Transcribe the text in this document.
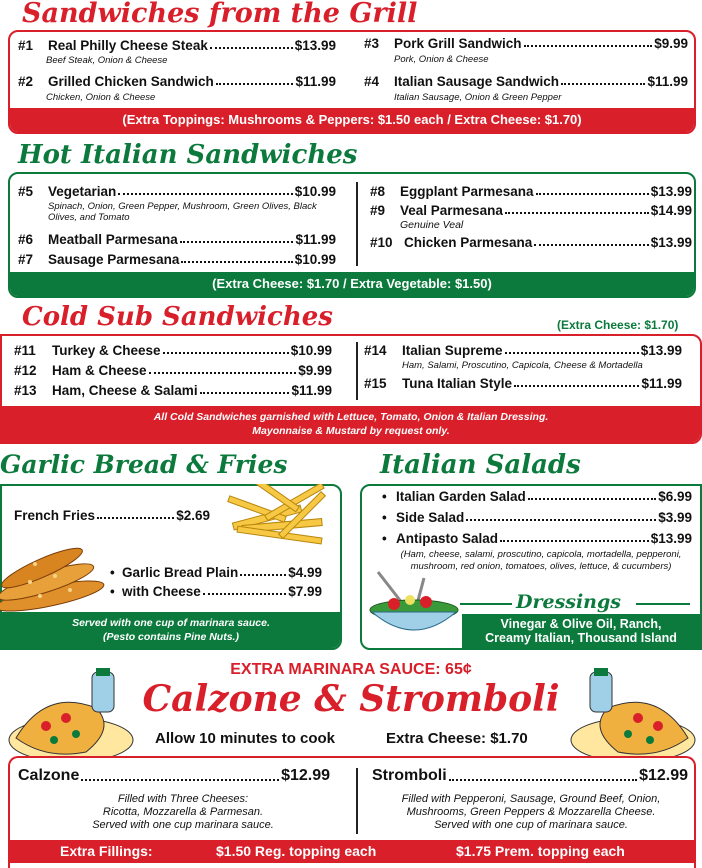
Sandwiches from the Grill
(Extra Toppings: Mushrooms & Peppers: $1.50 each / Extra Cheese: $1.70)
#1	Real Philly Cheese Steak	$13.99
Beef Steak, Onion & Cheese
#2	Grilled Chicken Sandwich	$11.99
Chicken, Onion & Cheese
#3	Pork Grill Sandwich	$9.99
Pork, Onion & Cheese
#4	Italian Sausage Sandwich	$11.99
Italian Sausage, Onion & Green Pepper
Hot Italian Sandwiches
(Extra Cheese: $1.70 / Extra Vegetable: $1.50)
#5	Vegetarian	$10.99
Spinach, Onion, Green Pepper, Mushroom, Green Olives, Black Olives, and Tomato
#6	Meatball Parmesana	$11.99
#7	Sausage Parmesana	$10.99
#8	Eggplant Parmesana	$13.99
#9	Veal Parmesana	$14.99
Genuine Veal
#10 Chicken Parmesana	$13.99
Cold Sub Sandwiches	(Extra Cheese: $1.70)
All Cold Sandwiches garnished with Lettuce, Tomato, Onion & Italian Dressing.
Mayonnaise & Mustard by request only.
#11	Turkey & Cheese	$10.99
#12	Ham & Cheese	$9.99
#13	Ham, Cheese & Salami	$11.99
#14	Italian Supreme	$13.99
Ham, Salami, Proscutino, Capicola, Cheese & Mortadella
#15	Tuna Italian Style	$11.99
Garlic Bread & Fries
Served with one cup of marinara sauce.
(Pesto contains Pine Nuts.)
French Fries	$2.69
• Garlic Bread Plain	$4.99
• with Cheese	$7.99
Italian Salads
Vinegar & Olive Oil, Ranch,
Creamy Italian, Thousand Island
• Italian Garden Salad	$6.99
• Side Salad	$3.99
• Antipasto Salad	$13.99
(Ham, cheese, salami, proscutino, capicola, mortadella, pepperoni, mushroom, red onion, tomatoes, olives, lettuce, & cucumbers)
Dressings
EXTRA MARINARA SAUCE: 65¢
Calzone & Stromboli
Allow 10 minutes to cook	Extra Cheese: $1.70
Calzone	$12.99
Filled with Three Cheeses:
Ricotta, Mozzarella & Parmesan.
Served with one cup marinara sauce.
Stromboli	$12.99
Filled with Pepperoni, Sausage, Ground Beef, Onion,
Mushrooms, Green Peppers & Mozzarella Cheese.
Served with one cup of marinara sauce.
Extra Fillings:	$1.50 Reg. topping each	$1.75 Prem. topping each
